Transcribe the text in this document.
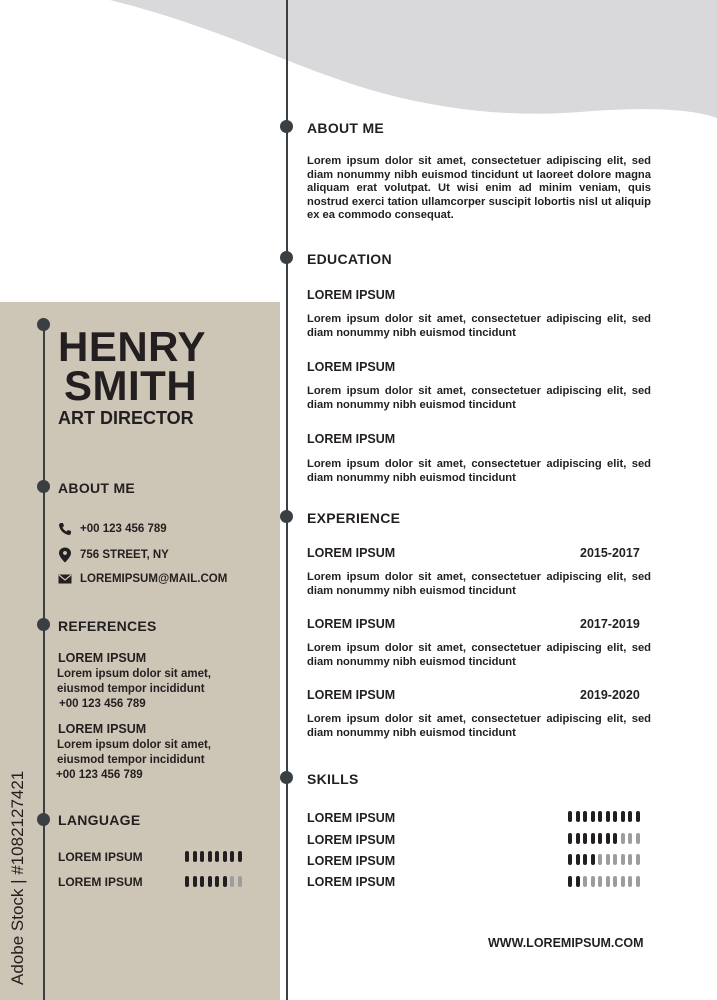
HENRY
SMITH
ART DIRECTOR
ABOUT ME
+00 123 456 789
756 STREET, NY
LOREMIPSUM@MAIL.COM
REFERENCES
LOREM IPSUM
Lorem ipsum dolor sit amet, eiusmod tempor incididunt
+00 123 456 789
LOREM IPSUM
Lorem ipsum dolor sit amet, eiusmod tempor incididunt
+00 123 456 789
LANGUAGE
LOREM IPSUM
LOREM IPSUM
Adobe Stock | #1082127421
ABOUT ME
Lorem ipsum dolor sit amet, consectetuer adipiscing elit, sed diam nonummy nibh euismod tincidunt ut laoreet dolore magna aliquam erat volutpat. Ut wisi enim ad minim veniam, quis nostrud exerci tation ullamcorper suscipit lobortis nisl ut aliquip ex ea commodo consequat.
EDUCATION
LOREM IPSUM
Lorem ipsum dolor sit amet, consectetuer adipiscing elit, sed diam nonummy nibh euismod tincidunt
LOREM IPSUM
Lorem ipsum dolor sit amet, consectetuer adipiscing elit, sed diam nonummy nibh euismod tincidunt
LOREM IPSUM
Lorem ipsum dolor sit amet, consectetuer adipiscing elit, sed diam nonummy nibh euismod tincidunt
EXPERIENCE
LOREM IPSUM	2015-2017
Lorem ipsum dolor sit amet, consectetuer adipiscing elit, sed diam nonummy nibh euismod tincidunt
LOREM IPSUM	2017-2019
Lorem ipsum dolor sit amet, consectetuer adipiscing elit, sed diam nonummy nibh euismod tincidunt
LOREM IPSUM	2019-2020
Lorem ipsum dolor sit amet, consectetuer adipiscing elit, sed diam nonummy nibh euismod tincidunt
SKILLS
LOREM IPSUM
LOREM IPSUM
LOREM IPSUM
LOREM IPSUM
WWW.LOREMIPSUM.COM
